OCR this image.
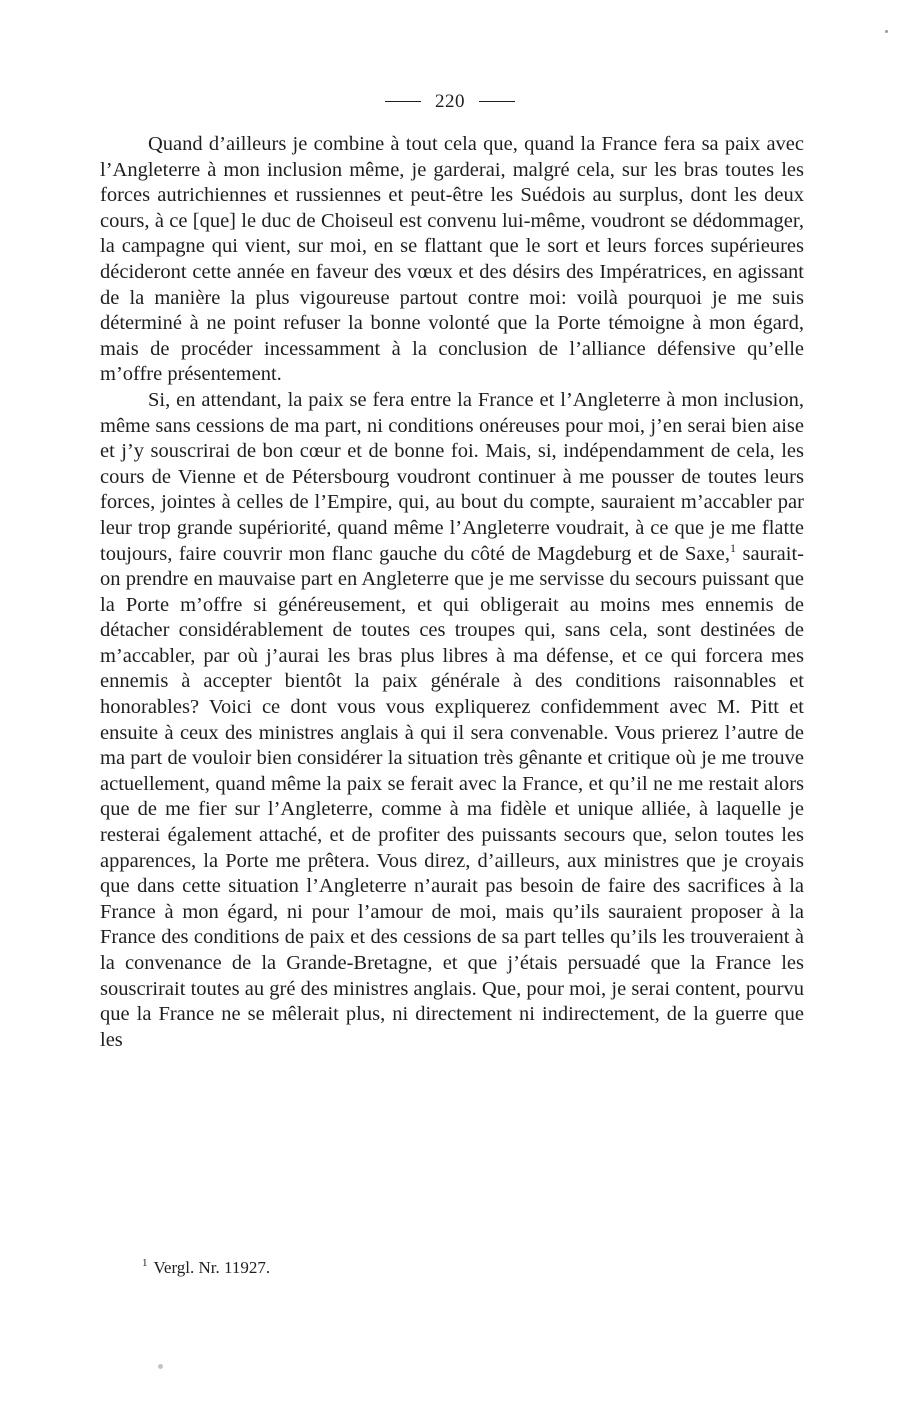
220

Quand d’ailleurs je combine à tout cela que, quand la France fera sa paix avec l’Angleterre à mon inclusion même, je garderai, malgré cela, sur les bras toutes les forces autrichiennes et russiennes et peut-être les Suédois au surplus, dont les deux cours, à ce [que] le duc de Choiseul est convenu lui-même, voudront se dédommager, la campagne qui vient, sur moi, en se flattant que le sort et leurs forces supérieures décideront cette année en faveur des vœux et des désirs des Impératrices, en agissant de la manière la plus vigoureuse partout contre moi: voilà pourquoi je me suis déterminé à ne point refuser la bonne volonté que la Porte témoigne à mon égard, mais de procéder incessamment à la conclusion de l’alliance défensive qu’elle m’offre présentement.

Si, en attendant, la paix se fera entre la France et l’Angleterre à mon inclusion, même sans cessions de ma part, ni conditions onéreuses pour moi, j’en serai bien aise et j’y souscrirai de bon cœur et de bonne foi. Mais, si, indépendamment de cela, les cours de Vienne et de Pétersbourg voudront continuer à me pousser de toutes leurs forces, jointes à celles de l’Empire, qui, au bout du compte, sauraient m’accabler par leur trop grande supériorité, quand même l’Angleterre voudrait, à ce que je me flatte toujours, faire couvrir mon flanc gauche du côté de Magdeburg et de Saxe,$^1$ saurait-on prendre en mauvaise part en Angleterre que je me servisse du secours puissant que la Porte m’offre si généreusement, et qui obligerait au moins mes ennemis de détacher considérablement de toutes ces troupes qui, sans cela, sont destinées de m’accabler, par où j’aurai les bras plus libres à ma défense, et ce qui forcera mes ennemis à accepter bientôt la paix générale à des conditions raisonnables et honorables? Voici ce dont vous vous expliquerez confidemment avec M. Pitt et ensuite à ceux des ministres anglais à qui il sera convenable. Vous prierez l’autre de ma part de vouloir bien considérer la situation très gênante et critique où je me trouve actuellement, quand même la paix se ferait avec la France, et qu’il ne me restait alors que de me fier sur l’Angleterre, comme à ma fidèle et unique alliée, à laquelle je resterai également attaché, et de profiter des puissants secours que, selon toutes les apparences, la Porte me prêtera. Vous direz, d’ailleurs, aux ministres que je croyais que dans cette situation l’Angleterre n’aurait pas besoin de faire des sacrifices à la France à mon égard, ni pour l’amour de moi, mais qu’ils sauraient proposer à la France des conditions de paix et des cessions de sa part telles qu’ils les trouveraient à la convenance de la Grande-Bretagne, et que j’étais persuadé que la France les souscrirait toutes au gré des ministres anglais. Que, pour moi, je serai content, pourvu que la France ne se mêlerait plus, ni directement ni indirectement, de la guerre que les

$^1$ Vergl. Nr. 11927.
